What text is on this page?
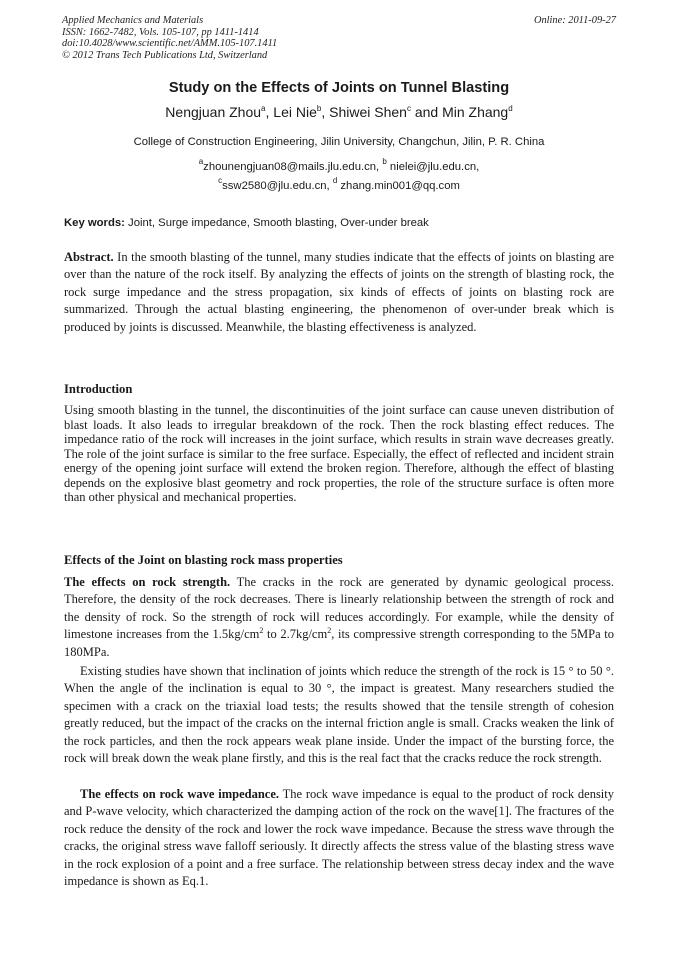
Applied Mechanics and Materials
ISSN: 1662-7482, Vols. 105-107, pp 1411-1414
doi:10.4028/www.scientific.net/AMM.105-107.1411
© 2012 Trans Tech Publications Ltd, Switzerland
Online: 2011-09-27
Study on the Effects of Joints on Tunnel Blasting
Nengjuan Zhou$^a$, Lei Nie$^b$, Shiwei Shen$^c$ and Min Zhang$^d$
College of Construction Engineering, Jilin University, Changchun, Jilin, P. R. China
$^a$zhounengjuan08@mails.jlu.edu.cn, $^b$ nielei@jlu.edu.cn,
$^c$ssw2580@jlu.edu.cn, $^d$ zhang.min001@qq.com
Key words: Joint, Surge impedance, Smooth blasting, Over-under break
Abstract. In the smooth blasting of the tunnel, many studies indicate that the effects of joints on blasting are over than the nature of the rock itself. By analyzing the effects of joints on the strength of blasting rock, the rock surge impedance and the stress propagation, six kinds of effects of joints on blasting rock are summarized. Through the actual blasting engineering, the phenomenon of over-under break which is produced by joints is discussed. Meanwhile, the blasting effectiveness is analyzed.
Introduction
Using smooth blasting in the tunnel, the discontinuities of the joint surface can cause uneven distribution of blast loads. It also leads to irregular breakdown of the rock. Then the rock blasting effect reduces. The impedance ratio of the rock will increases in the joint surface, which results in strain wave decreases greatly. The role of the joint surface is similar to the free surface. Especially, the effect of reflected and incident strain energy of the opening joint surface will extend the broken region. Therefore, although the effect of blasting depends on the explosive blast geometry and rock properties, the role of the structure surface is often more than other physical and mechanical properties.
Effects of the Joint on blasting rock mass properties
The effects on rock strength. The cracks in the rock are generated by dynamic geological process. Therefore, the density of the rock decreases. There is linearly relationship between the strength of rock and the density of rock. So the strength of rock will reduces accordingly. For example, while the density of limestone increases from the $1.5kg/cm^2$ to $2.7kg/cm^2$, its compressive strength corresponding to the 5MPa to 180MPa.
Existing studies have shown that inclination of joints which reduce the strength of the rock is 15 ° to 50 °. When the angle of the inclination is equal to 30 °, the impact is greatest. Many researchers studied the specimen with a crack on the triaxial load tests; the results showed that the tensile strength of cohesion greatly reduced, but the impact of the cracks on the internal friction angle is small. Cracks weaken the link of the rock particles, and then the rock appears weak plane inside. Under the impact of the bursting force, the rock will break down the weak plane firstly, and this is the real fact that the cracks reduce the rock strength.
The effects on rock wave impedance. The rock wave impedance is equal to the product of rock density and P-wave velocity, which characterized the damping action of the rock on the wave[1]. The fractures of the rock reduce the density of the rock and lower the rock wave impedance. Because the stress wave through the cracks, the original stress wave falloff seriously. It directly affects the stress value of the blasting stress wave in the rock explosion of a point and a free surface. The relationship between stress decay index and the wave impedance is shown as Eq.1.
